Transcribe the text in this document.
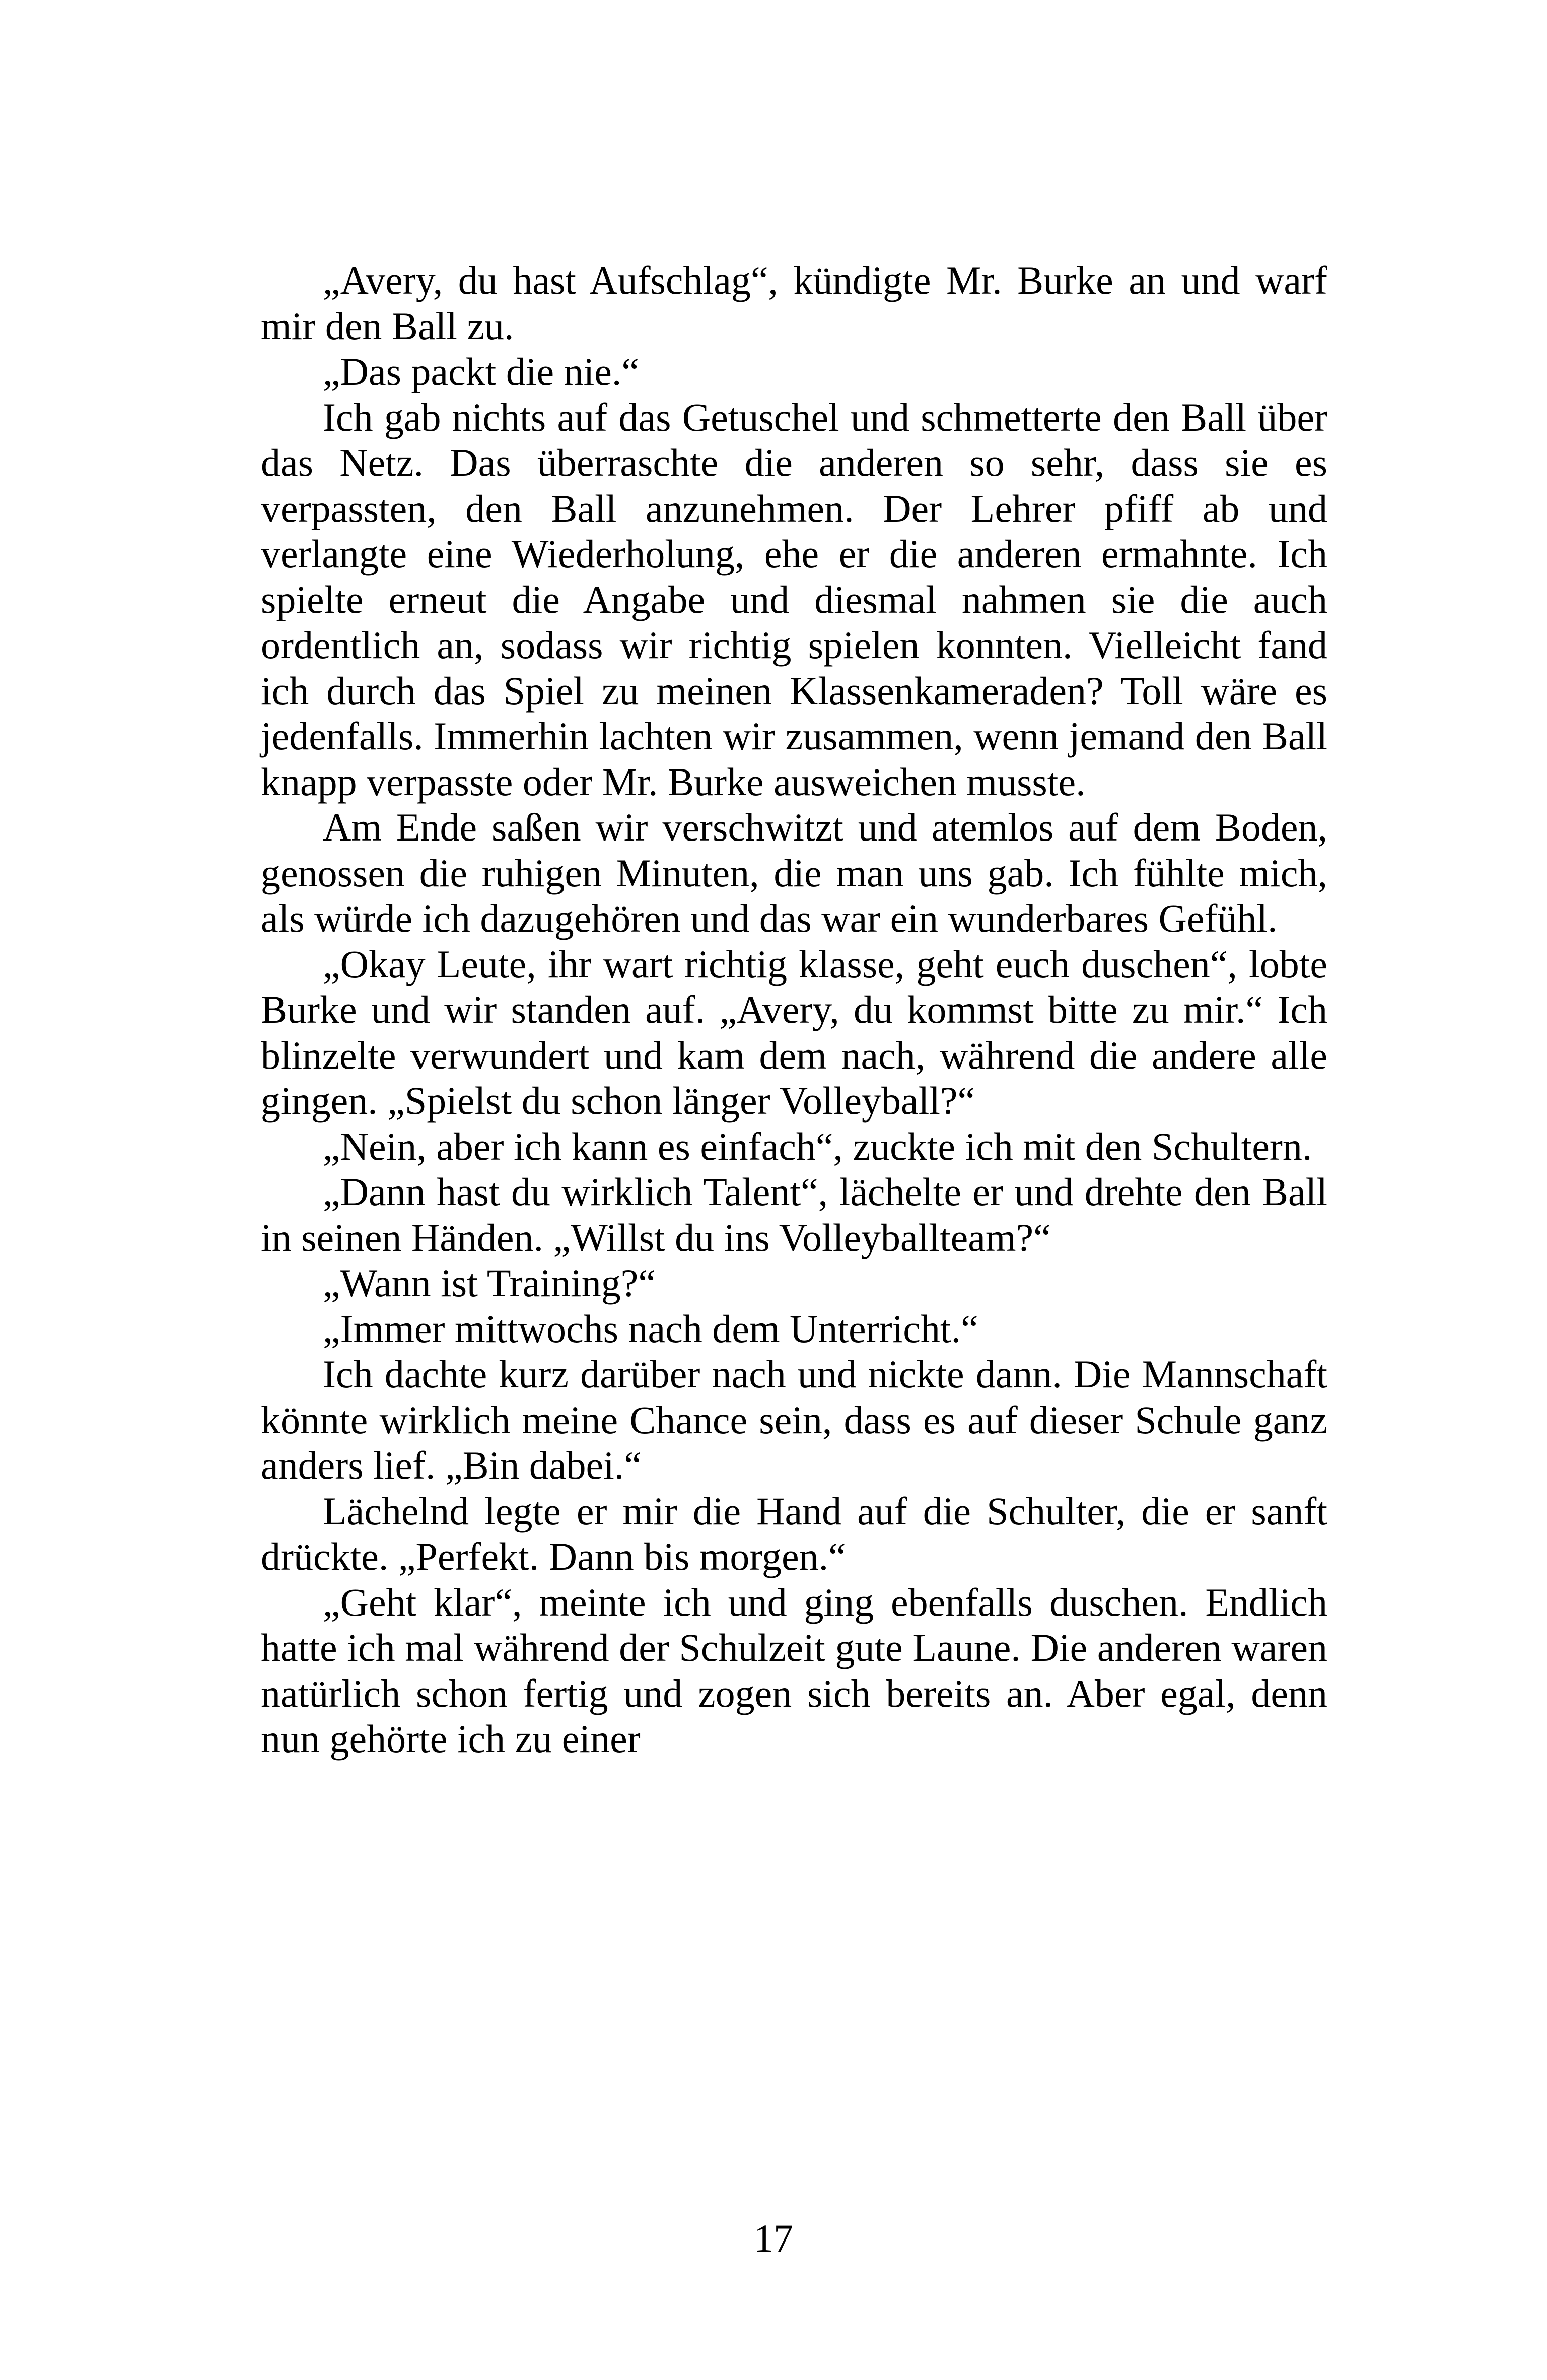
„Avery, du hast Aufschlag“, kündigte Mr. Burke an und warf mir den Ball zu.

„Das packt die nie.“

Ich gab nichts auf das Getuschel und schmetterte den Ball über das Netz. Das überraschte die anderen so sehr, dass sie es verpassten, den Ball anzunehmen. Der Lehrer pfiff ab und verlangte eine Wiederholung, ehe er die anderen ermahnte. Ich spielte erneut die Angabe und diesmal nahmen sie die auch ordentlich an, sodass wir richtig spielen konnten. Vielleicht fand ich durch das Spiel zu meinen Klassenkameraden? Toll wäre es jedenfalls. Immerhin lachten wir zusammen, wenn jemand den Ball knapp verpasste oder Mr. Burke ausweichen musste.

Am Ende saßen wir verschwitzt und atemlos auf dem Boden, genossen die ruhigen Minuten, die man uns gab. Ich fühlte mich, als würde ich dazugehören und das war ein wunderbares Gefühl.

„Okay Leute, ihr wart richtig klasse, geht euch duschen“, lobte Burke und wir standen auf. „Avery, du kommst bitte zu mir.“ Ich blinzelte verwundert und kam dem nach, während die andere alle gingen. „Spielst du schon länger Volleyball?“

„Nein, aber ich kann es einfach“, zuckte ich mit den Schultern.

„Dann hast du wirklich Talent“, lächelte er und drehte den Ball in seinen Händen. „Willst du ins Volleyballteam?“

„Wann ist Training?“

„Immer mittwochs nach dem Unterricht.“

Ich dachte kurz darüber nach und nickte dann. Die Mannschaft könnte wirklich meine Chance sein, dass es auf dieser Schule ganz anders lief. „Bin dabei.“

Lächelnd legte er mir die Hand auf die Schulter, die er sanft drückte. „Perfekt. Dann bis morgen.“

„Geht klar“, meinte ich und ging ebenfalls duschen. Endlich hatte ich mal während der Schulzeit gute Laune. Die anderen waren natürlich schon fertig und zogen sich bereits an. Aber egal, denn nun gehörte ich zu einer

17
